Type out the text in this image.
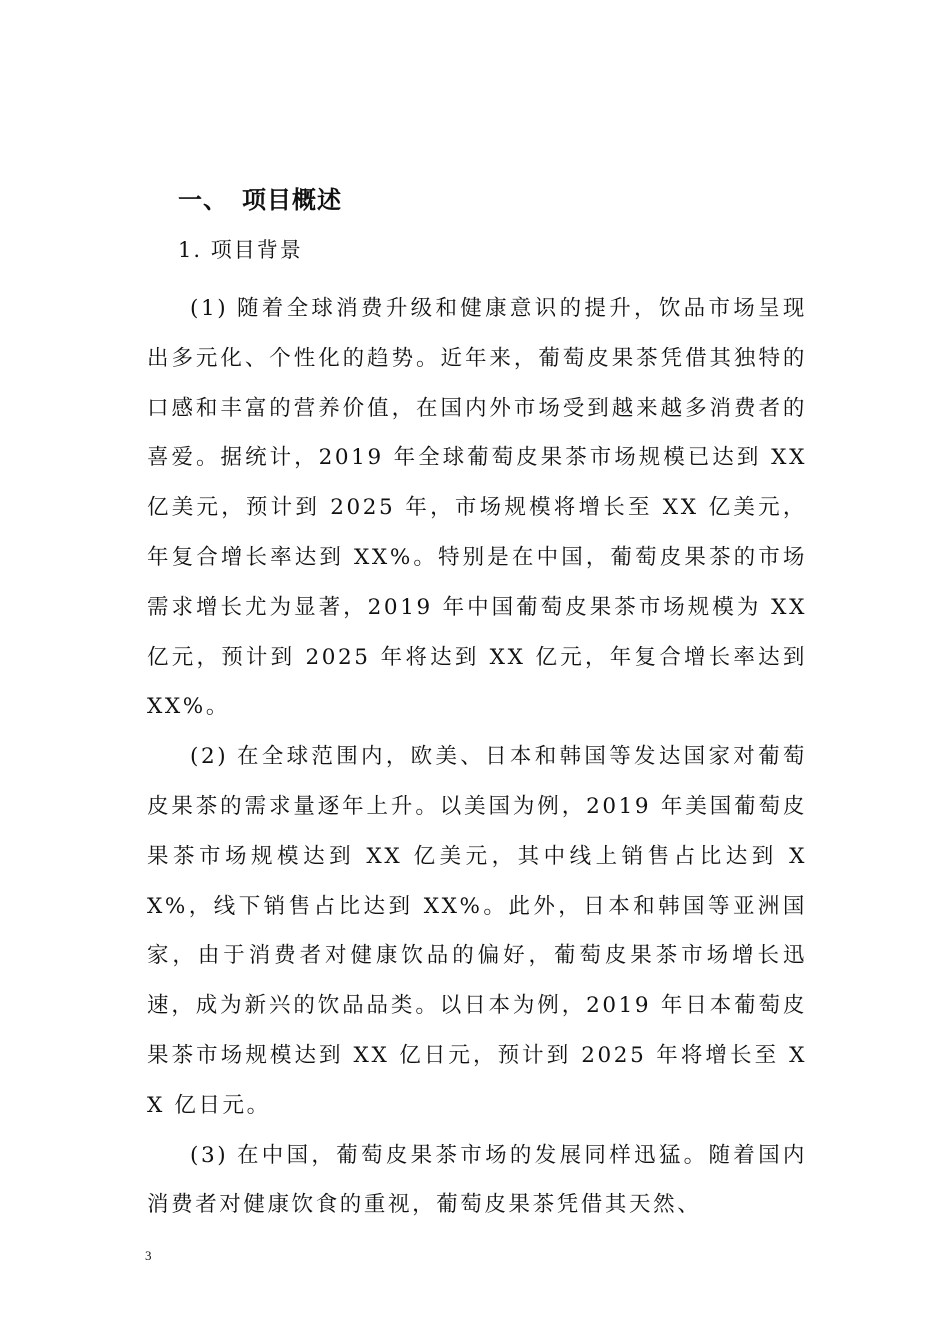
一、 项目概述
1. 项目背景

(1) 随着全球消费升级和健康意识的提升，饮品市场呈现出多元化、个性化的趋势。近年来，葡萄皮果茶凭借其独特的口感和丰富的营养价值，在国内外市场受到越来越多消费者的喜爱。据统计，2019 年全球葡萄皮果茶市场规模已达到 XX 亿美元，预计到 2025 年，市场规模将增长至 XX 亿美元，年复合增长率达到 XX%。特别是在中国，葡萄皮果茶的市场需求增长尤为显著，2019 年中国葡萄皮果茶市场规模为 XX 亿元，预计到 2025 年将达到 XX 亿元，年复合增长率达到 XX%。

(2) 在全球范围内，欧美、日本和韩国等发达国家对葡萄皮果茶的需求量逐年上升。以美国为例，2019 年美国葡萄皮果茶市场规模达到 XX 亿美元，其中线上销售占比达到 XX%，线下销售占比达到 XX%。此外，日本和韩国等亚洲国家，由于消费者对健康饮品的偏好，葡萄皮果茶市场增长迅速，成为新兴的饮品品类。以日本为例，2019 年日本葡萄皮果茶市场规模达到 XX 亿日元，预计到 2025 年将增长至 XX 亿日元。

(3) 在中国，葡萄皮果茶市场的发展同样迅猛。随着国内消费者对健康饮食的重视，葡萄皮果茶凭借其天然、

3
